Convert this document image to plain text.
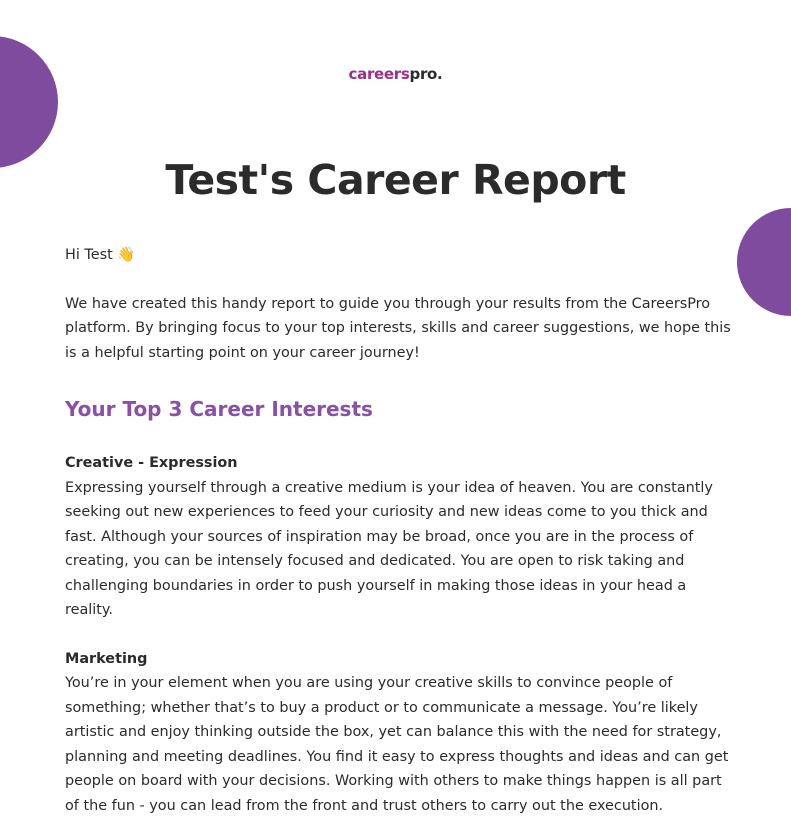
careerspro.
Test's Career Report

Hi Test 👋

We have created this handy report to guide you through your results from the CareersPro platform. By bringing focus to your top interests, skills and career suggestions, we hope this is a helpful starting point on your career journey!

Your Top 3 Career Interests

Creative - Expression

Expressing yourself through a creative medium is your idea of heaven. You are constantly seeking out new experiences to feed your curiosity and new ideas come to you thick and fast. Although your sources of inspiration may be broad, once you are in the process of creating, you can be intensely focused and dedicated. You are open to risk taking and challenging boundaries in order to push yourself in making those ideas in your head a reality.

Marketing

You’re in your element when you are using your creative skills to convince people of something; whether that’s to buy a product or to communicate a message. You’re likely artistic and enjoy thinking outside the box, yet can balance this with the need for strategy, planning and meeting deadlines. You find it easy to express thoughts and ideas and can get people on board with your decisions. Working with others to make things happen is all part of the fun - you can lead from the front and trust others to carry out the execution.
